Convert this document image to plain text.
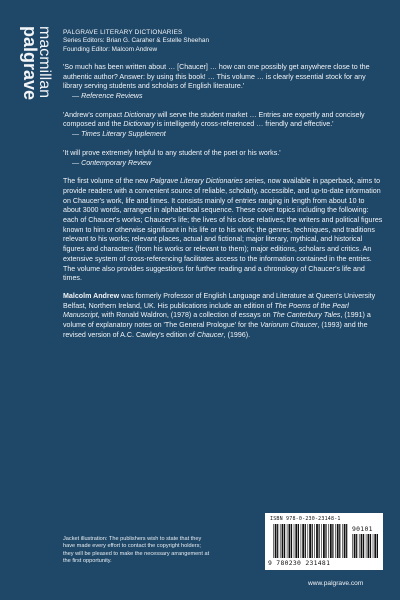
palgrave
macmillan PALGRAVE LITERARY DICTIONARIES
Series Editors: Brian G. Caraher & Estelle Sheehan
Founding Editor: Malcom Andrew

'So much has been written about … [Chaucer] … how can one possibly get anywhere close to the authentic author? Answer: by using this book! … This volume … is clearly essential stock for any library serving students and scholars of English literature.'

— Reference Reviews

'Andrew's compact Dictionary will serve the student market … Entries are expertly and concisely composed and the Dictionary is intelligently cross-referenced … friendly and effective.'

— Times Literary Supplement

'It will prove extremely helpful to any student of the poet or his works.'

— Contemporary Review

The first volume of the new Palgrave Literary Dictionaries series, now available in paperback, aims to provide readers with a convenient source of reliable, scholarly, accessible, and up-to-date information on Chaucer's work, life and times. It consists mainly of entries ranging in length from about 10 to about 3000 words, arranged in alphabetical sequence. These cover topics including the following: each of Chaucer's works; Chaucer's life; the lives of his close relatives; the writers and political figures known to him or otherwise significant in his life or to his work; the genres, techniques, and traditions relevant to his works; relevant places, actual and fictional; major literary, mythical, and historical figures and characters (from his works or relevant to them); major editions, scholars and critics. An extensive system of cross-referencing facilitates access to the information contained in the entries. The volume also provides suggestions for further reading and a chronology of Chaucer's life and times.

Malcolm Andrew was formerly Professor of English Language and Literature at Queen's University Belfast, Northern Ireland, UK. His publications include an edition of The Poems of the Pearl Manuscript, with Ronald Waldron, (1978) a collection of essays on The Canterbury Tales, (1991) a volume of explanatory notes on 'The General Prologue' for the Variorum Chaucer, (1993) and the revised version of A.C. Cawley's edition of Chaucer, (1996).

ISBN 978-0-230-23148-1
9 780230 231481
90101
Jacket illustration: The publishers wish to state that they have made every effort to contact the copyright holders; they will be pleased to make the necessary arrangement at the first opportunity.
www.palgrave.com
